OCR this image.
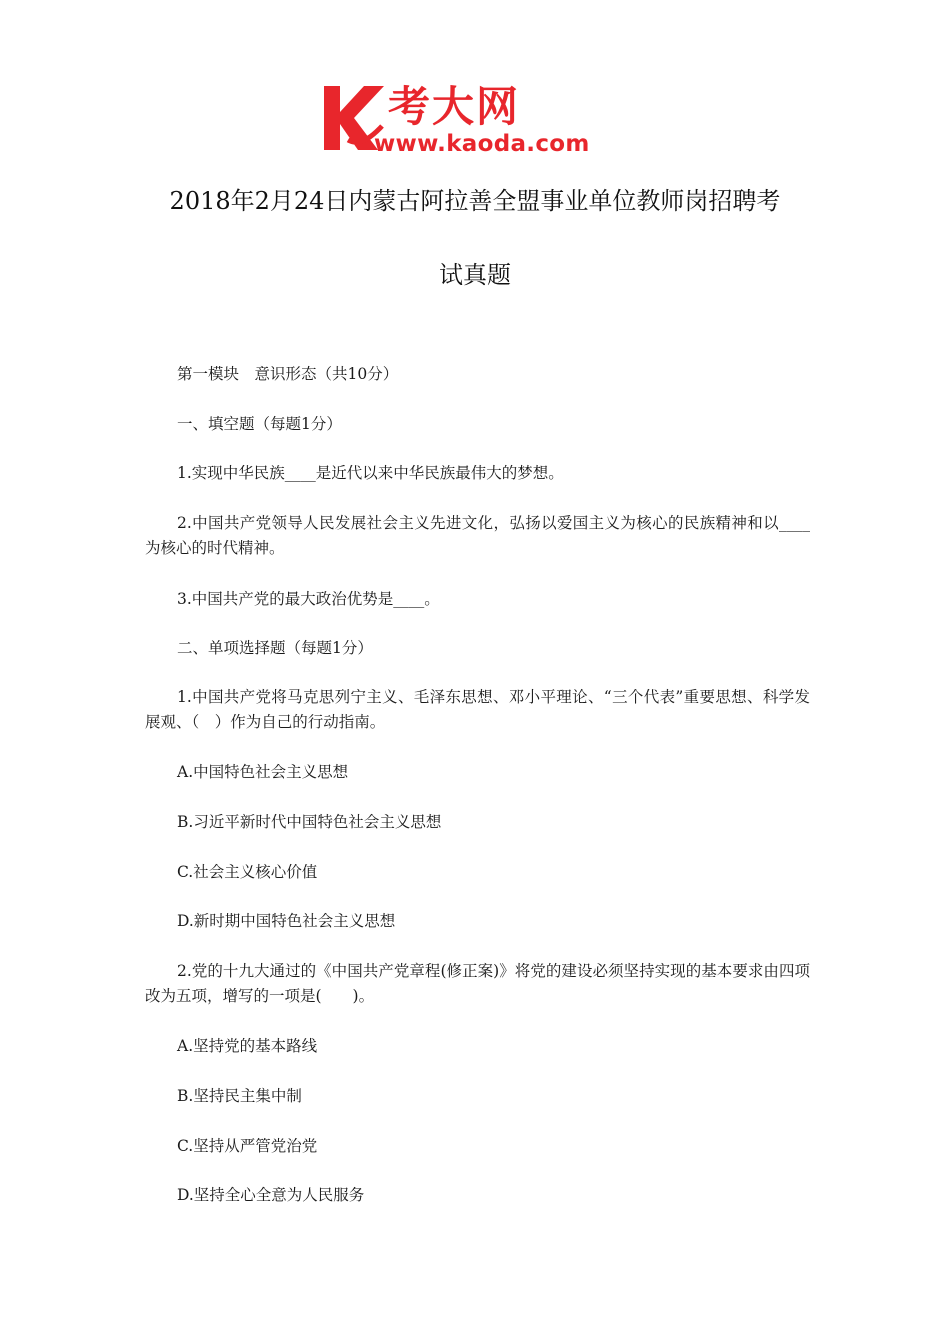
考大网
www.kaoda.com
2018年2月24日内蒙古阿拉善全盟事业单位教师岗招聘考
试真题

第一模块　意识形态（共10分）

一、填空题（每题1分）

1.实现中华民族____是近代以来中华民族最伟大的梦想。

2.中国共产党领导人民发展社会主义先进文化，弘扬以爱国主义为核心的民族精神和以____为核心的时代精神。

3.中国共产党的最大政治优势是____。

二、单项选择题（每题1分）

1.中国共产党将马克思列宁主义、毛泽东思想、邓小平理论、“三个代表”重要思想、科学发展观、（　）作为自己的行动指南。

A.中国特色社会主义思想

B.习近平新时代中国特色社会主义思想

C.社会主义核心价值

D.新时期中国特色社会主义思想

2.党的十九大通过的《中国共产党章程(修正案)》将党的建设必须坚持实现的基本要求由四项改为五项，增写的一项是(　　)。

A.坚持党的基本路线

B.坚持民主集中制

C.坚持从严管党治党

D.坚持全心全意为人民服务
